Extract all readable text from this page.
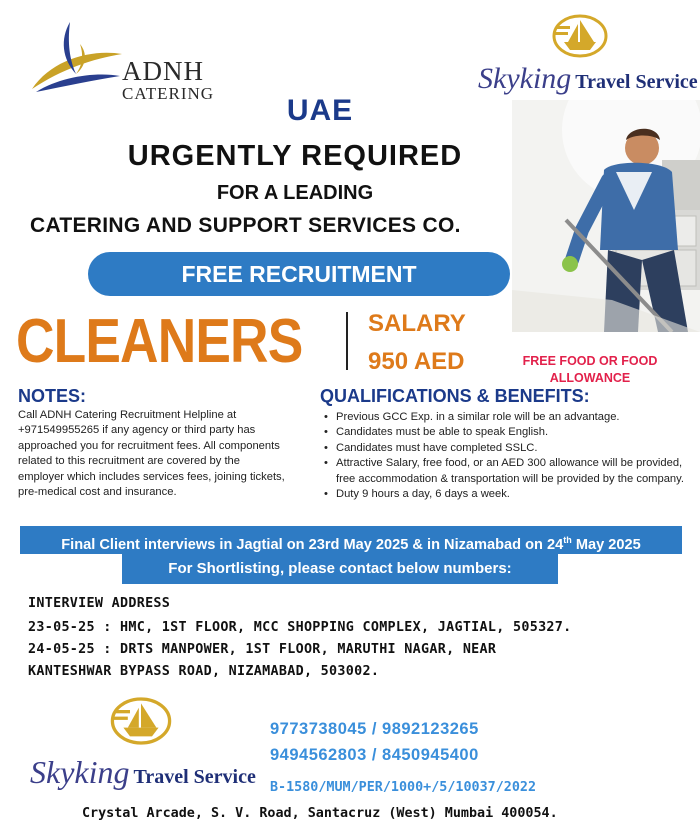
ADNH
CATERING	Skyking Travel Service
UAE
URGENTLY REQUIRED
FOR A LEADING
CATERING AND SUPPORT SERVICES CO.
FREE RECRUITMENT
CLEANERS	SALARY
950 AED	FREE FOOD OR FOOD ALLOWANCE
NOTES:
Call ADNH Catering Recruitment Helpline at +971549955265 if any agency or third party has approached you for recruitment fees. All components related to this recruitment are covered by the employer which includes services fees, joining tickets, pre-medical cost and insurance.
QUALIFICATIONS & BENEFITS:
• Previous GCC Exp. in a similar role will be an advantage.
• Candidates must be able to speak English.
• Candidates must have completed SSLC.
• Attractive Salary, free food, or an AED 300 allowance will be provided, free accommodation & transportation will be provided by the company.
• Duty 9 hours a day, 6 days a week.
Final Client interviews in Jagtial on 23rd May 2025 & in Nizamabad on 24th May 2025
For Shortlisting, please contact below numbers:
INTERVIEW ADDRESS
23-05-25 : HMC, 1ST FLOOR, MCC SHOPPING COMPLEX, JAGTIAL, 505327.
24-05-25 : DRTS MANPOWER, 1ST FLOOR, MARUTHI NAGAR, NEAR
KANTESHWAR BYPASS ROAD, NIZAMABAD, 503002.
Skyking Travel Service
9773738045 / 9892123265
9494562803 / 8450945400
B-1580/MUM/PER/1000+/5/10037/2022
Crystal Arcade, S. V. Road, Santacruz (West) Mumbai 400054.
